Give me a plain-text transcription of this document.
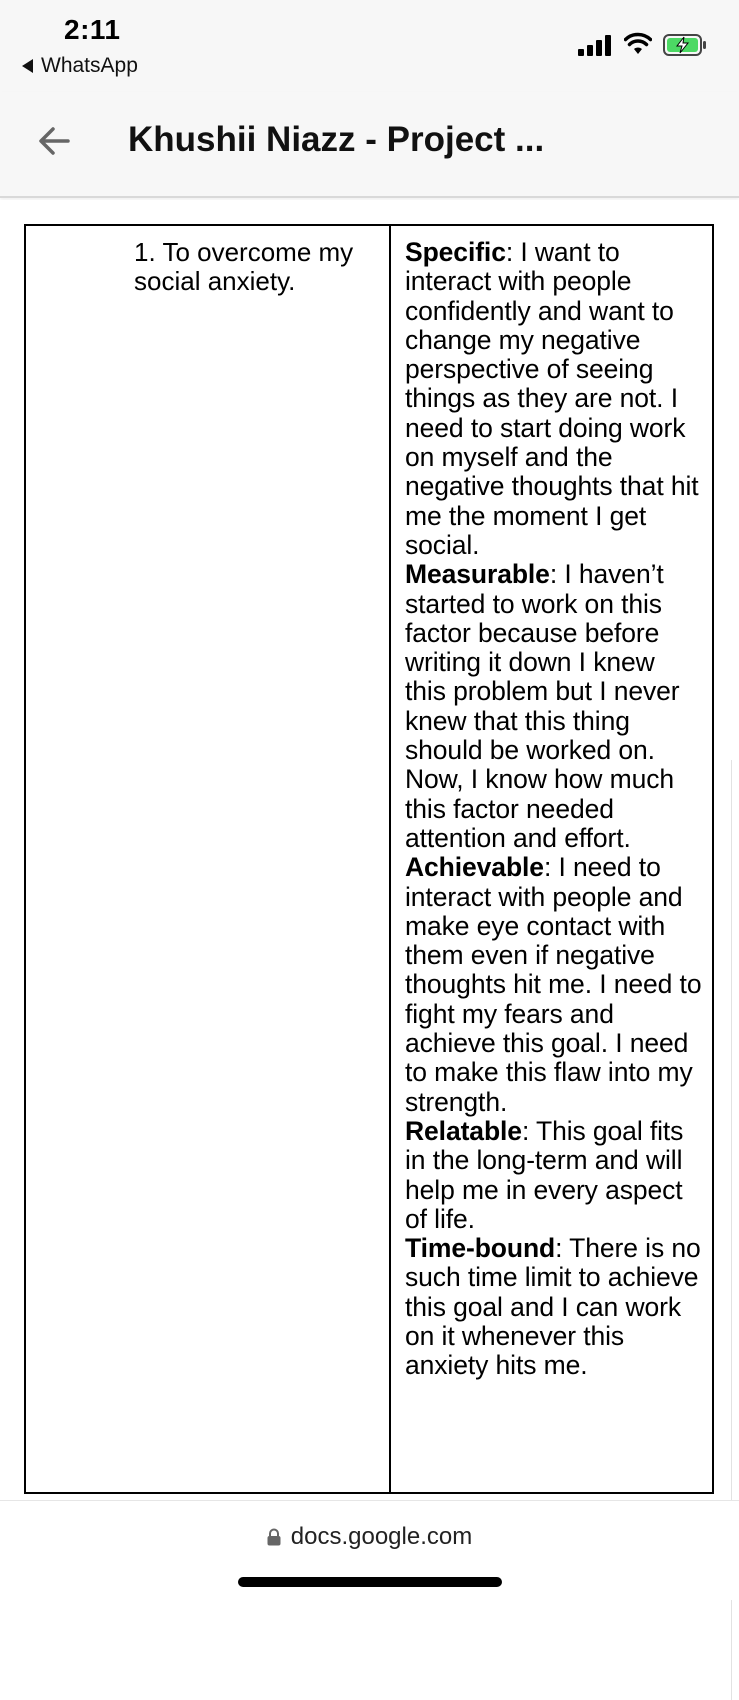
2:11
WhatsApp
Khushii Niazz - Project ...
1. To overcome my social anxiety.

Specific: I want to interact with people confidently and want to change my negative perspective of seeing things as they are not. I need to start doing work on myself and the negative thoughts that hit me the moment I get social.

Measurable: I haven’t started to work on this factor because before writing it down I knew this problem but I never knew that this thing should be worked on. Now, I know how much this factor needed attention and effort.

Achievable: I need to interact with people and make eye contact with them even if negative thoughts hit me. I need to fight my fears and achieve this goal. I need to make this flaw into my strength.

Relatable: This goal fits in the long-term and will help me in every aspect of life.

Time-bound: There is no such time limit to achieve this goal and I can work on it whenever this anxiety hits me.

docs.google.com
